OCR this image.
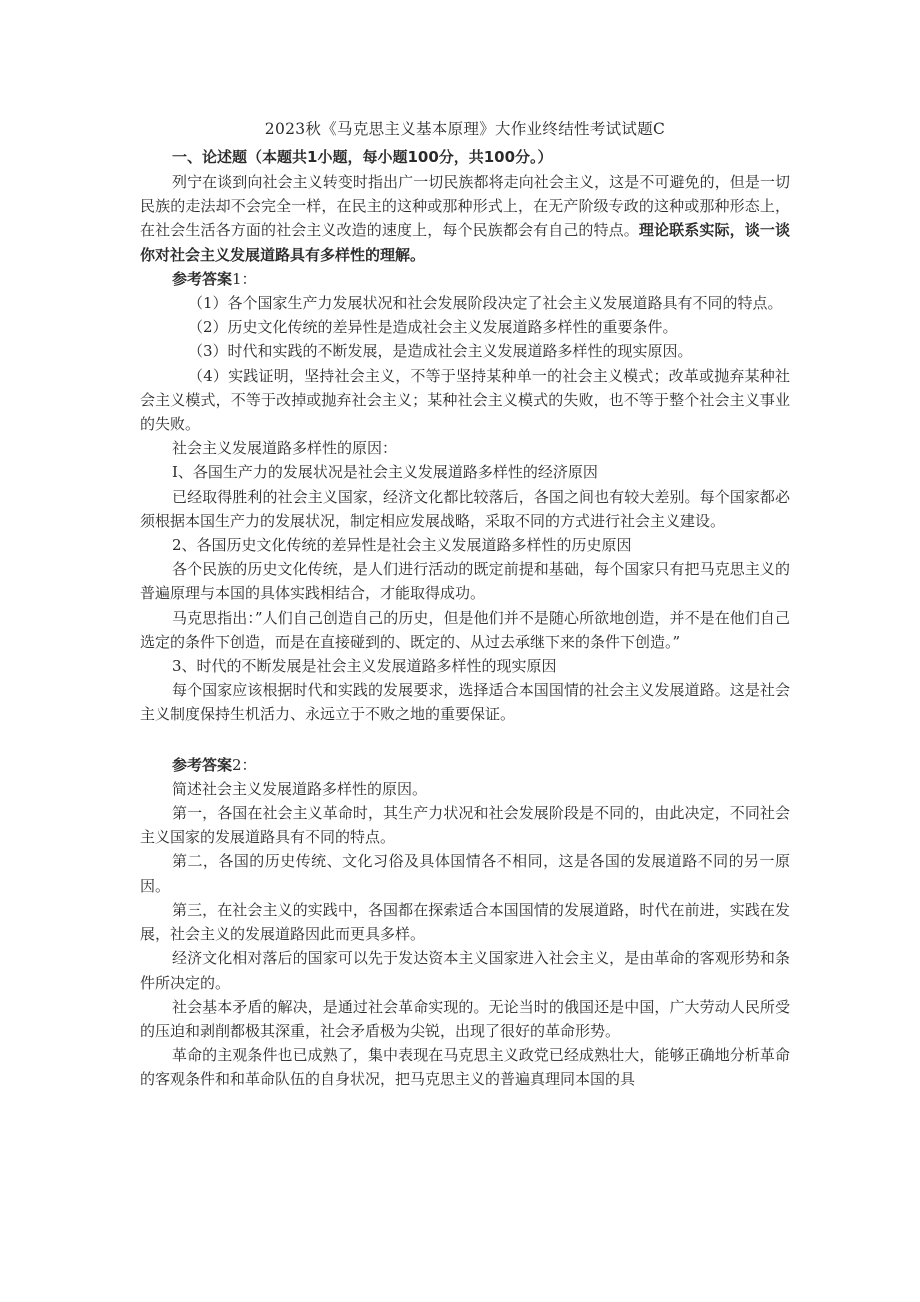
2023秋《马克思主义基本原理》大作业终结性考试试题C
一、论述题（本题共1小题，每小题100分，共100分。）

列宁在谈到向社会主义转变时指出广一切民族都将走向社会主义，这是不可避免的，但是一切民族的走法却不会完全一样，在民主的这种或那种形式上，在无产阶级专政的这种或那种形态上，在社会生活各方面的社会主义改造的速度上，每个民族都会有自己的特点。理论联系实际，谈一谈你对社会主义发展道路具有多样性的理解。

参考答案1：

（1）各个国家生产力发展状况和社会发展阶段决定了社会主义发展道路具有不同的特点。

（2）历史文化传统的差异性是造成社会主义发展道路多样性的重要条件。

（3）时代和实践的不断发展，是造成社会主义发展道路多样性的现实原因。

（4）实践证明，坚持社会主义，不等于坚持某种单一的社会主义模式；改革或抛弃某种社会主义模式，不等于改掉或抛弃社会主义；某种社会主义模式的失败，也不等于整个社会主义事业的失败。

社会主义发展道路多样性的原因：

I、各国生产力的发展状况是社会主义发展道路多样性的经济原因

已经取得胜利的社会主义国家，经济文化都比较落后，各国之间也有较大差别。每个国家都必须根据本国生产力的发展状况，制定相应发展战略，采取不同的方式进行社会主义建设。

2、各国历史文化传统的差异性是社会主义发展道路多样性的历史原因

各个民族的历史文化传统，是人们进行活动的既定前提和基础，每个国家只有把马克思主义的普遍原理与本国的具体实践相结合，才能取得成功。

马克思指出：”人们自己创造自己的历史，但是他们并不是随心所欲地创造，并不是在他们自己选定的条件下创造，而是在直接碰到的、既定的、从过去承继下来的条件下创造。”

3、时代的不断发展是社会主义发展道路多样性的现实原因

每个国家应该根据时代和实践的发展要求，选择适合本国国情的社会主义发展道路。这是社会主义制度保持生机活力、永远立于不败之地的重要保证。

参考答案2：

简述社会主义发展道路多样性的原因。

第一，各国在社会主义革命时，其生产力状况和社会发展阶段是不同的，由此决定，不同社会主义国家的发展道路具有不同的特点。

第二，各国的历史传统、文化习俗及具体国情各不相同，这是各国的发展道路不同的另一原因。

第三，在社会主义的实践中，各国都在探索适合本国国情的发展道路，时代在前进，实践在发展，社会主义的发展道路因此而更具多样。

经济文化相对落后的国家可以先于发达资本主义国家进入社会主义，是由革命的客观形势和条件所决定的。

社会基本矛盾的解决，是通过社会革命实现的。无论当时的俄国还是中国，广大劳动人民所受的压迫和剥削都极其深重，社会矛盾极为尖锐，出现了很好的革命形势。

革命的主观条件也已成熟了，集中表现在马克思主义政党已经成熟壮大，能够正确地分析革命的客观条件和和革命队伍的自身状况，把马克思主义的普遍真理同本国的具
